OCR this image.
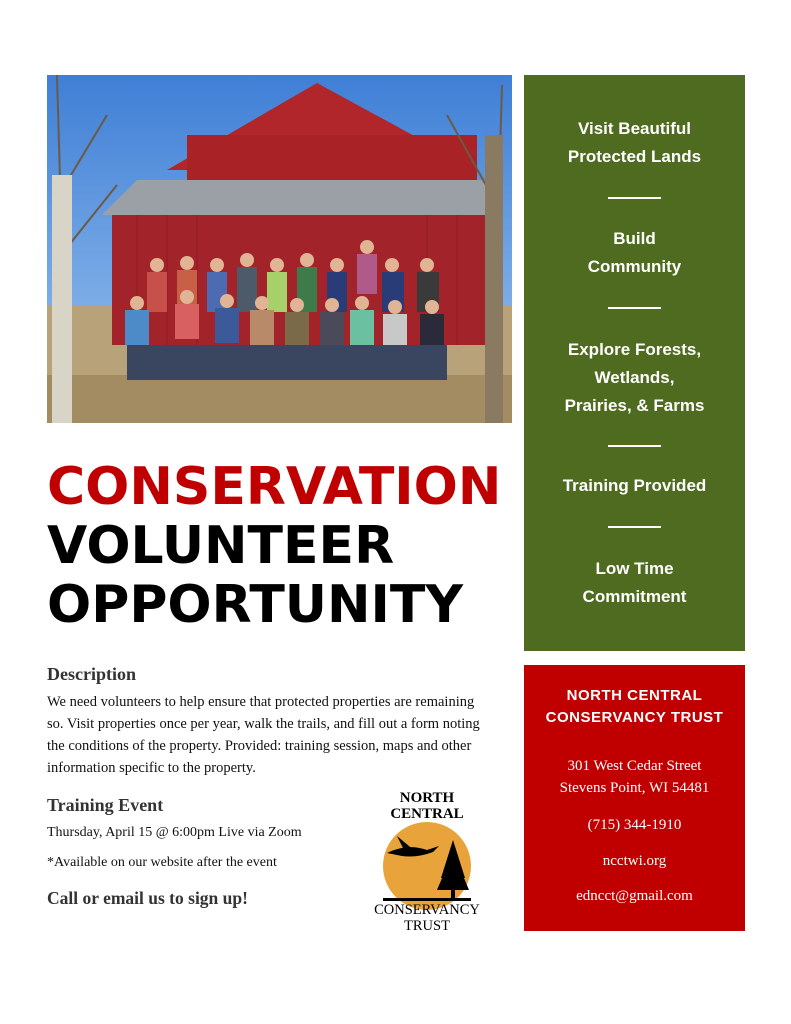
CONSERVATION
VOLUNTEER
OPPORTUNITY
Visit Beautiful
Protected Lands
Build
Community
Explore Forests,
Wetlands,
Prairies, & Farms
Training Provided
Low Time
Commitment
NORTH CENTRAL
CONSERVANCY TRUST
301 West Cedar Street
Stevens Point, WI 54481
(715) 344-1910
ncctwi.org
edncct@gmail.com
Description
We need volunteers to help ensure that protected properties are remaining so. Visit properties once per year, walk the trails, and fill out a form noting the conditions of the property. Provided: training session, maps and other information specific to the property.
Training Event
Thursday, April 15 @ 6:00pm Live via Zoom
*Available on our website after the event
Call or email us to sign up!
NORTH
CENTRAL
CONSERVANCY
TRUST
